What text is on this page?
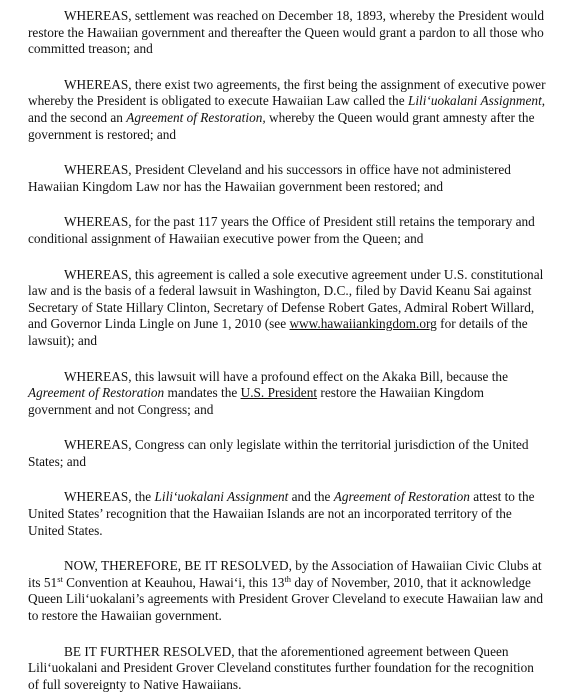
WHEREAS, settlement was reached on December 18, 1893, whereby the President would restore the Hawaiian government and thereafter the Queen would grant a pardon to all those who committed treason; and

WHEREAS, there exist two agreements, the first being the assignment of executive power whereby the President is obligated to execute Hawaiian Law called the Lili‘uokalani Assignment, and the second an Agreement of Restoration, whereby the Queen would grant amnesty after the government is restored; and

WHEREAS, President Cleveland and his successors in office have not administered Hawaiian Kingdom Law nor has the Hawaiian government been restored; and

WHEREAS, for the past 117 years the Office of President still retains the temporary and conditional assignment of Hawaiian executive power from the Queen; and

WHEREAS, this agreement is called a sole executive agreement under U.S. constitutional law and is the basis of a federal lawsuit in Washington, D.C., filed by David Keanu Sai against Secretary of State Hillary Clinton, Secretary of Defense Robert Gates, Admiral Robert Willard, and Governor Linda Lingle on June 1, 2010 (see www.hawaiiankingdom.org for details of the lawsuit); and

WHEREAS, this lawsuit will have a profound effect on the Akaka Bill, because the Agreement of Restoration mandates the U.S. President restore the Hawaiian Kingdom government and not Congress; and

WHEREAS, Congress can only legislate within the territorial jurisdiction of the United States; and

WHEREAS, the Lili‘uokalani Assignment and the Agreement of Restoration attest to the United States’ recognition that the Hawaiian Islands are not an incorporated territory of the United States.

NOW, THEREFORE, BE IT RESOLVED, by the Association of Hawaiian Civic Clubs at its 51st Convention at Keauhou, Hawai‘i, this 13th day of November, 2010, that it acknowledge Queen Lili‘uokalani’s agreements with President Grover Cleveland to execute Hawaiian law and to restore the Hawaiian government.

BE IT FURTHER RESOLVED, that the aforementioned agreement between Queen Lili‘uokalani and President Grover Cleveland constitutes further foundation for the recognition of full sovereignty to Native Hawaiians.
